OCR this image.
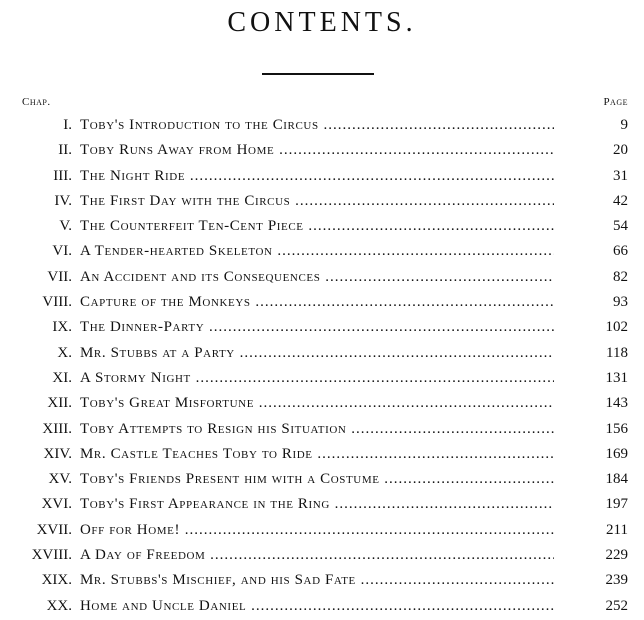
CONTENTS.
Chap.	Page
I. Toby's Introduction to the Circus .....	9
II. Toby Runs Away from Home .....	20
III. The Night Ride .....	31
IV. The First Day with the Circus .....	42
V. The Counterfeit Ten-Cent Piece .....	54
VI. A Tender-hearted Skeleton .....	66
VII. An Accident and its Consequences .....	82
VIII. Capture of the Monkeys .....	93
IX. The Dinner-Party .....	102
X. Mr. Stubbs at a Party .....	118
XI. A Stormy Night .....	131
XII. Toby's Great Misfortune .....	143
XIII. Toby Attempts to Resign his Situation .....	156
XIV. Mr. Castle Teaches Toby to Ride .....	169
XV. Toby's Friends Present him with a Costume .....	184
XVI. Toby's First Appearance in the Ring .....	197
XVII. Off for Home! .....	211
XVIII. A Day of Freedom .....	229
XIX. Mr. Stubbs's Mischief, and his Sad Fate .....	239
XX. Home and Uncle Daniel .....	252
